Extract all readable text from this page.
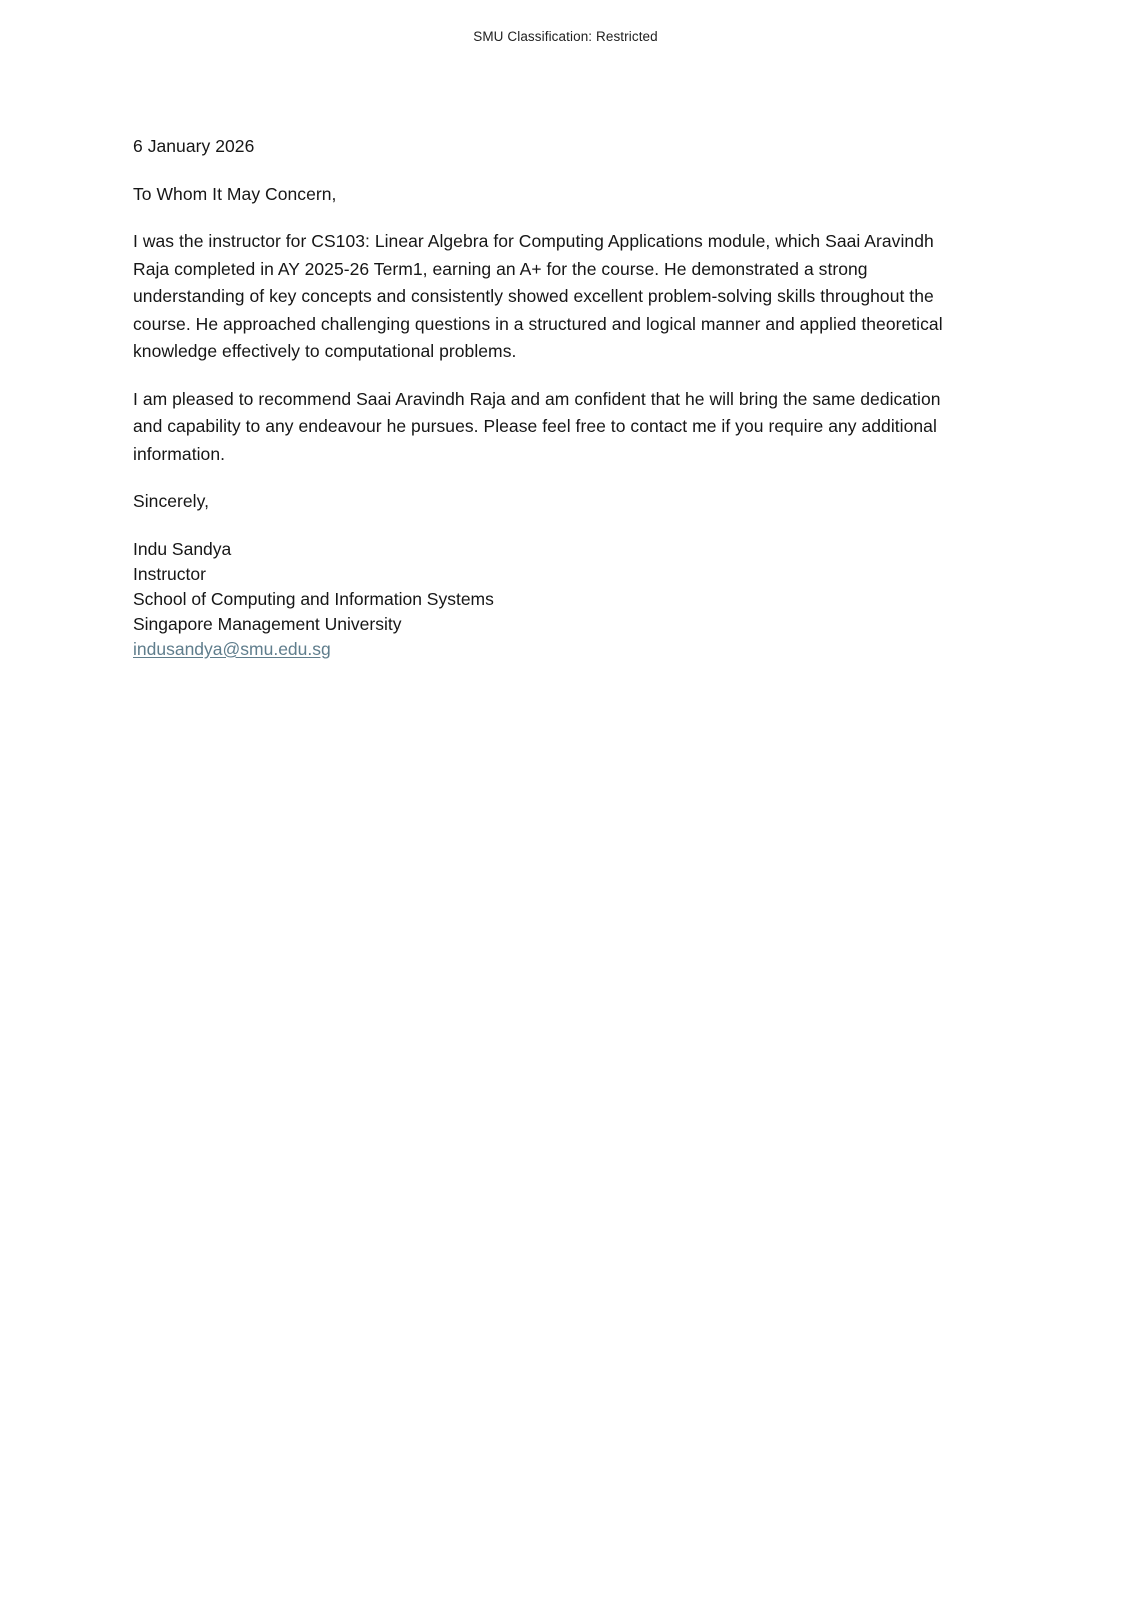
SMU Classification: Restricted

6 January 2026

To Whom It May Concern,

I was the instructor for CS103: Linear Algebra for Computing Applications module, which Saai Aravindh Raja completed in AY 2025-26 Term1, earning an A+ for the course. He demonstrated a strong understanding of key concepts and consistently showed excellent problem-solving skills throughout the course. He approached challenging questions in a structured and logical manner and applied theoretical knowledge effectively to computational problems.

I am pleased to recommend Saai Aravindh Raja and am confident that he will bring the same dedication and capability to any endeavour he pursues. Please feel free to contact me if you require any additional information.

Sincerely,

Indu Sandya
Instructor
School of Computing and Information Systems
Singapore Management University
indusandya@smu.edu.sg
